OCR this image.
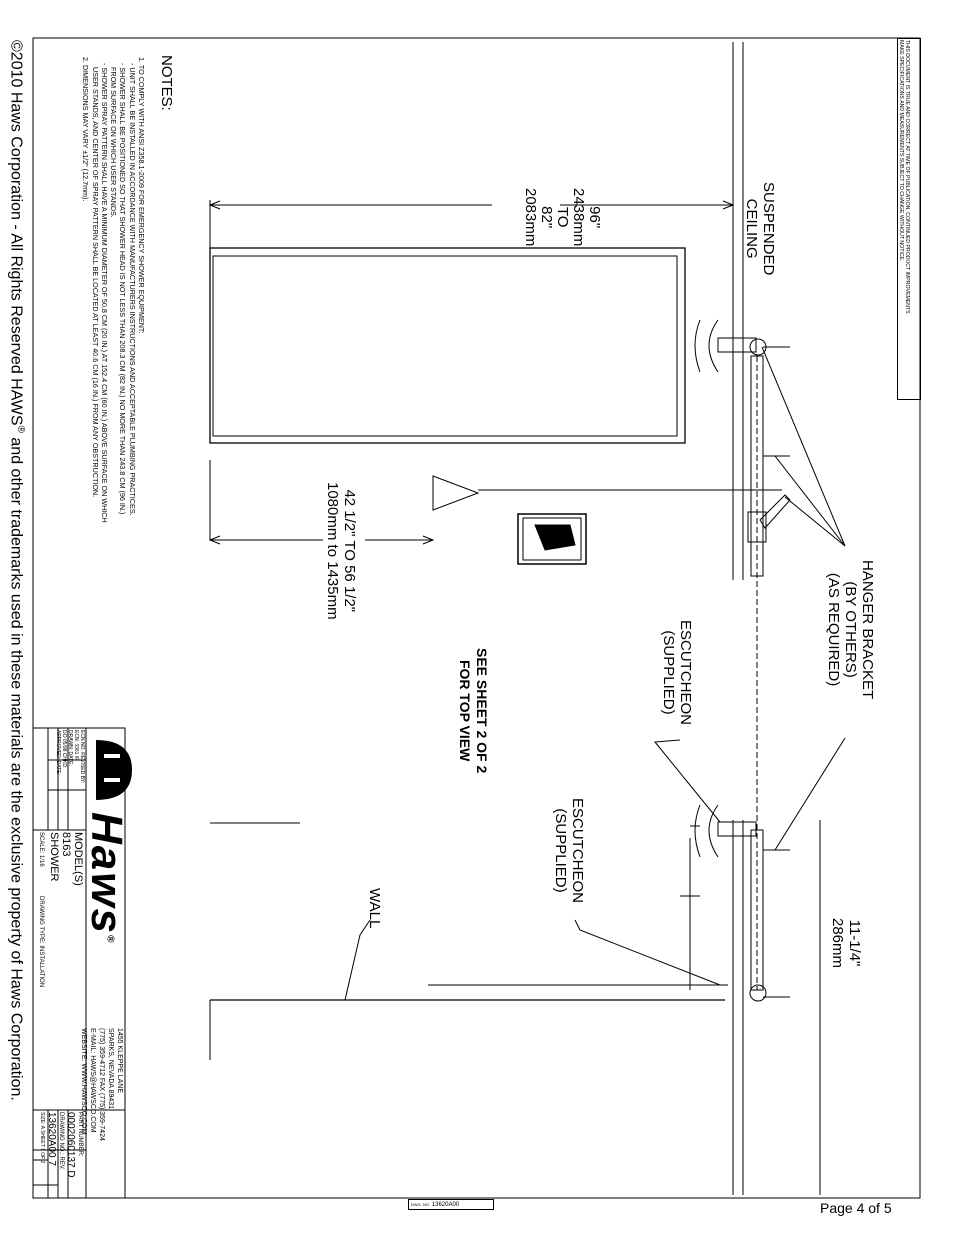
Page 4 of 5
DWG. NO. 13620A00
©2010 Haws Corporation - All Rights Reserved HAWS® and other trademarks used in these materials are the exclusive property of Haws Corporation.
THIS DOCUMENT IS TRUE AND CORRECT AT TIME OF PUBLICATION. CONTINUED PRODUCT IMPROVEMENTS
MAKE SPECIFICATIONS AND MEASUREMENTS SUBJECT TO CHANGE WITHOUT NOTICE.
NOTES:
1. TO COMPLY WITH ANSI Z358.1-2009 FOR EMERGENCY SHOWER EQUIPMENT:
- UNIT SHALL BE INSTALLED IN ACCORDANCE WITH MANUFACTURERS INSTRUCTIONS AND ACCEPTABLE PLUMBING PRACTICES.
- SHOWER SHALL BE POSITIONED SO THAT SHOWER HEAD IS NOT LESS THAN 208.3 CM (82 IN.) NO MORE THAN 243.8 CM (96 IN.)
FROM SURFACE ON WHICH USER STANDS.
- SHOWER SPRAY PATTERN SHALL HAVE A MINIMUM DIAMETER OF 50.8 CM (20 IN.) AT 152.4 CM (60 IN.) ABOVE SURFACE ON WHICH
USER STANDS, AND CENTER OF SPRAY PATTERN SHALL BE LOCATED AT LEAST 40.6 CM (16 IN.) FROM ANY OBSTRUCTION.
2. DIMENSIONS MAY VARY ±1/2" (12.7mm).
SUSPENDED
CEILING
HANGER BRACKET
(BY OTHERS)
(AS REQUIRED)
ESCUTCHEON
(SUPPLIED)
ESCUTCHEON
(SUPPLIED)
96"
2438mm
TO
82"
2083mm
42 1/2" TO 56 1/2"
1080mm to 1435mm
SEE SHEET 2 OF 2
FOR TOP VIEW
11-1/4"
286mm
WALL
Haws®
1455 KLEPPE LANE
SPARKS, NEVADA 89431
(775) 359-4712 FAX (775) 359-7424
E-MAIL: HAWS@HAWSCO.COM
WEBSITE: WWW.HAWSCO.COM
MODEL(S)
8163
SHOWER
SCALE: 1/16  DRAWING TYPE: INSTALLATION
PART NUMBER:
0002060137 D
DRAWING NO.: REV.
13620A00 7
SIZE: A SHEET 1 OF 2
ECN NO. REVISED BY:
ECN: 3361 IR
DRAWN: DATE:
DO 05/98 CHKD:
APPROVED: DATE:
